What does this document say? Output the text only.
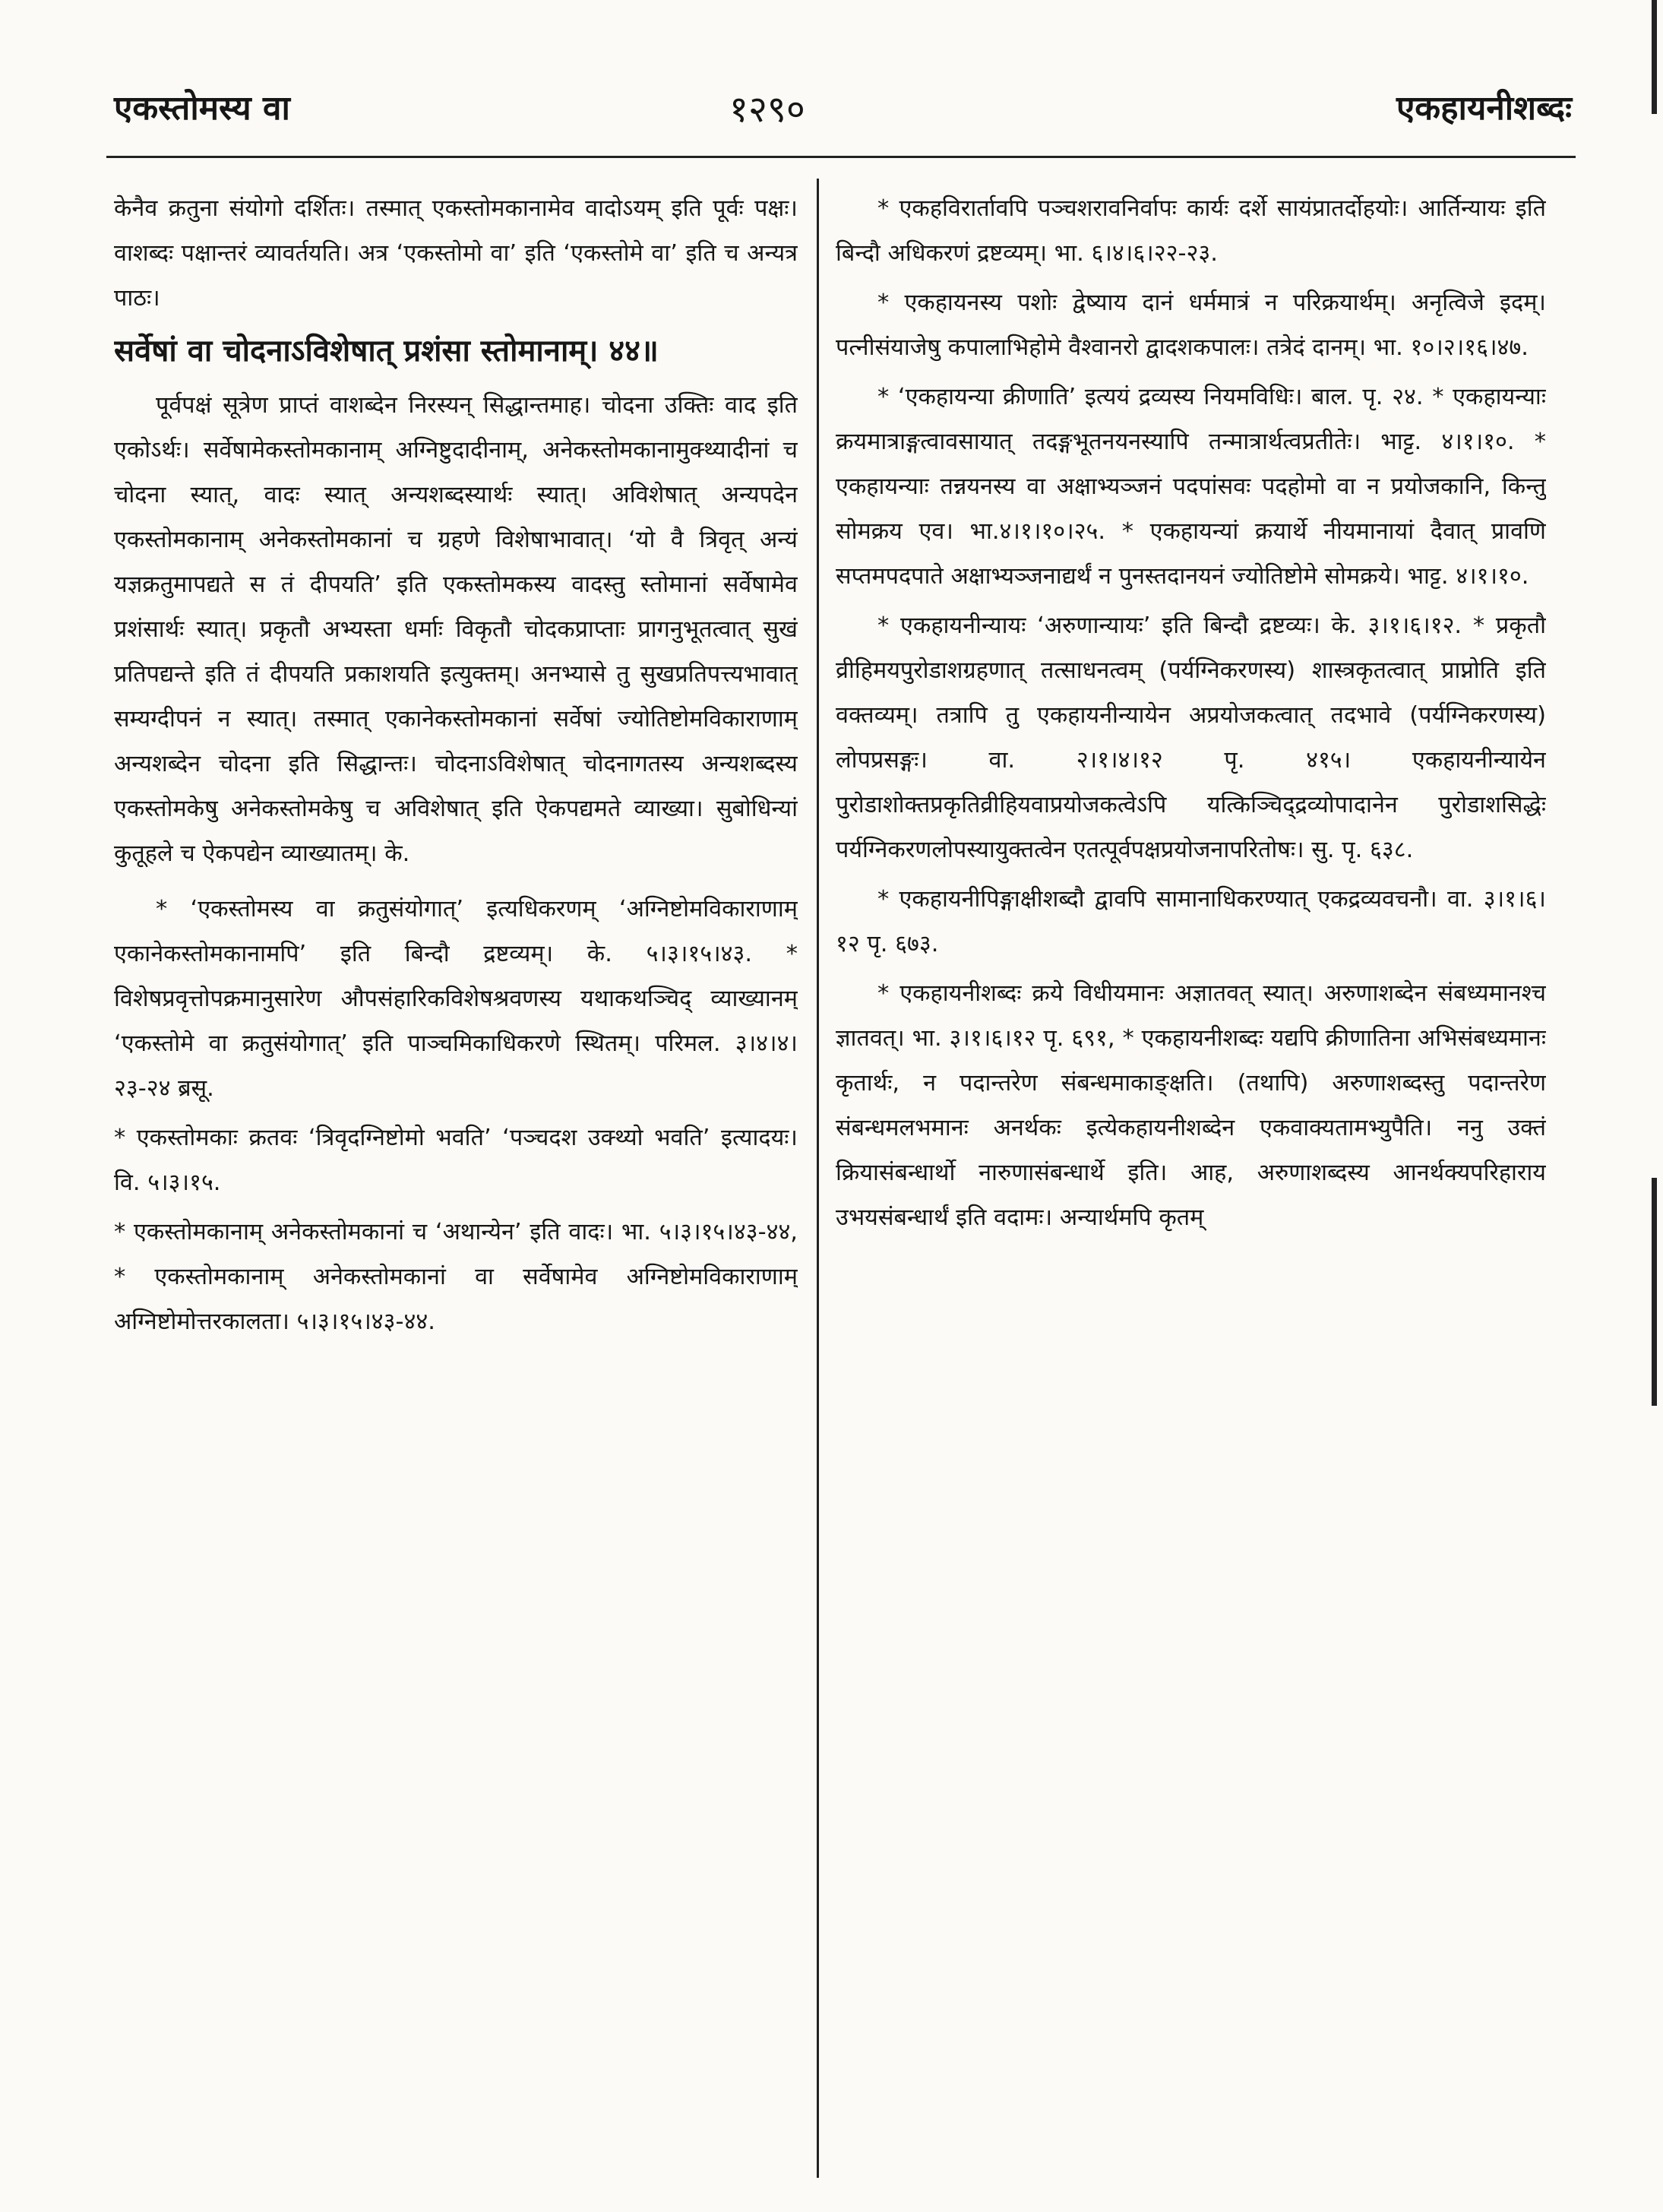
एकस्तोमस्य वा	१२९०	एकहायनीशब्दः

केनैव क्रतुना संयोगो दर्शितः। तस्मात् एकस्तोमकानामेव वादोऽयम् इति पूर्वः पक्षः। वाशब्दः पक्षान्तरं व्यावर्तयति। अत्र ‘एकस्तोमो वा’ इति ‘एकस्तोमे वा’ इति च अन्यत्र पाठः।

सर्वेषां वा चोदनाऽविशेषात् प्रशंसा स्तोमानाम्। ४४॥

पूर्वपक्षं सूत्रेण प्राप्तं वाशब्देन निरस्यन् सिद्धान्तमाह। चोदना उक्तिः वाद इति एकोऽर्थः। सर्वेषामेकस्तोमकानाम् अग्निष्टुदादीनाम्, अनेकस्तोमकानामुक्थ्यादीनां च चोदना स्यात्, वादः स्यात् अन्यशब्दस्यार्थः स्यात्। अविशेषात् अन्यपदेन एकस्तोमकानाम् अनेकस्तोमकानां च ग्रहणे विशेषाभावात्। ‘यो वै त्रिवृत् अन्यं यज्ञक्रतुमापद्यते स तं दीपयति’ इति एकस्तोमकस्य वादस्तु स्तोमानां सर्वेषामेव प्रशंसार्थः स्यात्। प्रकृतौ अभ्यस्ता धर्माः विकृतौ चोदकप्राप्ताः प्रागनुभूतत्वात् सुखं प्रतिपद्यन्ते इति तं दीपयति प्रकाशयति इत्युक्तम्। अनभ्यासे तु सुखप्रतिपत्त्यभावात् सम्यग्दीपनं न स्यात्। तस्मात् एकानेकस्तोमकानां सर्वेषां ज्योतिष्टोमविकाराणाम् अन्यशब्देन चोदना इति सिद्धान्तः। चोदनाऽविशेषात् चोदनागतस्य अन्यशब्दस्य एकस्तोमकेषु अनेकस्तोमकेषु च अविशेषात् इति ऐकपद्यमते व्याख्या। सुबोधिन्यां कुतूहले च ऐकपद्येन व्याख्यातम्। के.

* ‘एकस्तोमस्य वा क्रतुसंयोगात्’ इत्यधिकरणम् ‘अग्निष्टोमविकाराणाम् एकानेकस्तोमकानामपि’ इति बिन्दौ द्रष्टव्यम्। के. ५।३।१५।४३. * विशेषप्रवृत्तोपक्रमानुसारेण औपसंहारिकविशेषश्रवणस्य यथाकथञ्चिद् व्याख्यानम् ‘एकस्तोमे वा क्रतुसंयोगात्’ इति पाञ्चमिकाधिकरणे स्थितम्। परिमल. ३।४।४।२३-२४ ब्रसू.

* एकस्तोमकाः क्रतवः ‘त्रिवृदग्निष्टोमो भवति’ ‘पञ्चदश उक्थ्यो भवति’ इत्यादयः। वि. ५।३।१५.

* एकस्तोमकानाम् अनेकस्तोमकानां च ‘अथान्येन’ इति वादः। भा. ५।३।१५।४३-४४, * एकस्तोमकानाम् अनेकस्तोमकानां वा सर्वेषामेव अग्निष्टोमविकाराणाम् अग्निष्टोमोत्तरकालता। ५।३।१५।४३-४४.

* एकहविरार्तावपि पञ्चशरावनिर्वापः कार्यः दर्शे सायंप्रातर्दोहयोः। आर्तिन्यायः इति बिन्दौ अधिकरणं द्रष्टव्यम्। भा. ६।४।६।२२-२३.

* एकहायनस्य पशोः द्वेष्याय दानं धर्ममात्रं न परिक्रयार्थम्। अनृत्विजे इदम्। पत्नीसंयाजेषु कपालाभिहोमे वैश्वानरो द्वादशकपालः। तत्रेदं दानम्। भा. १०।२।१६।४७.

* ‘एकहायन्या क्रीणाति’ इत्ययं द्रव्यस्य नियमविधिः। बाल. पृ. २४. * एकहायन्याः क्रयमात्राङ्गत्वावसायात् तदङ्गभूतनयनस्यापि तन्मात्रार्थत्वप्रतीतेः। भाट्ट. ४।१।१०. * एकहायन्याः तन्नयनस्य वा अक्षाभ्यञ्जनं पदपांसवः पदहोमो वा न प्रयोजकानि, किन्तु सोमक्रय एव। भा.४।१।१०।२५. * एकहायन्यां क्रयार्थे नीयमानायां दैवात् प्रावणि सप्तमपदपाते अक्षाभ्यञ्जनाद्यर्थं न पुनस्तदानयनं ज्योतिष्टोमे सोमक्रये। भाट्ट. ४।१।१०.

* एकहायनीन्यायः ‘अरुणान्यायः’ इति बिन्दौ द्रष्टव्यः। के. ३।१।६।१२. * प्रकृतौ व्रीहिमयपुरोडाशग्रहणात् तत्साधनत्वम् (पर्यग्निकरणस्य) शास्त्रकृतत्वात् प्राप्नोति इति वक्तव्यम्। तत्रापि तु एकहायनीन्यायेन अप्रयोजकत्वात् तदभावे (पर्यग्निकरणस्य) लोपप्रसङ्गः। वा. २।१।४।१२ पृ. ४१५। एकहायनीन्यायेन पुरोडाशोक्तप्रकृतिव्रीहियवाप्रयोजकत्वेऽपि यत्किञ्चिद्द्रव्योपादानेन पुरोडाशसिद्धेः पर्यग्निकरणलोपस्यायुक्तत्वेन एतत्पूर्वपक्षप्रयोजनापरितोषः। सु. पृ. ६३८.

* एकहायनीपिङ्गाक्षीशब्दौ द्वावपि सामानाधिकरण्यात् एकद्रव्यवचनौ। वा. ३।१।६।१२ पृ. ६७३.

* एकहायनीशब्दः क्रये विधीयमानः अज्ञातवत् स्यात्। अरुणाशब्देन संबध्यमानश्च ज्ञातवत्। भा. ३।१।६।१२ पृ. ६९१, * एकहायनीशब्दः यद्यपि क्रीणातिना अभिसंबध्यमानः कृतार्थः, न पदान्तरेण संबन्धमाकाङ्क्षति। (तथापि) अरुणाशब्दस्तु पदान्तरेण संबन्धमलभमानः अनर्थकः इत्येकहायनीशब्देन एकवाक्यतामभ्युपैति। ननु उक्तं क्रियासंबन्धार्थो नारुणासंबन्धार्थे इति। आह, अरुणाशब्दस्य आनर्थक्यपरिहाराय उभयसंबन्धार्थं इति वदामः। अन्यार्थमपि कृतम्
